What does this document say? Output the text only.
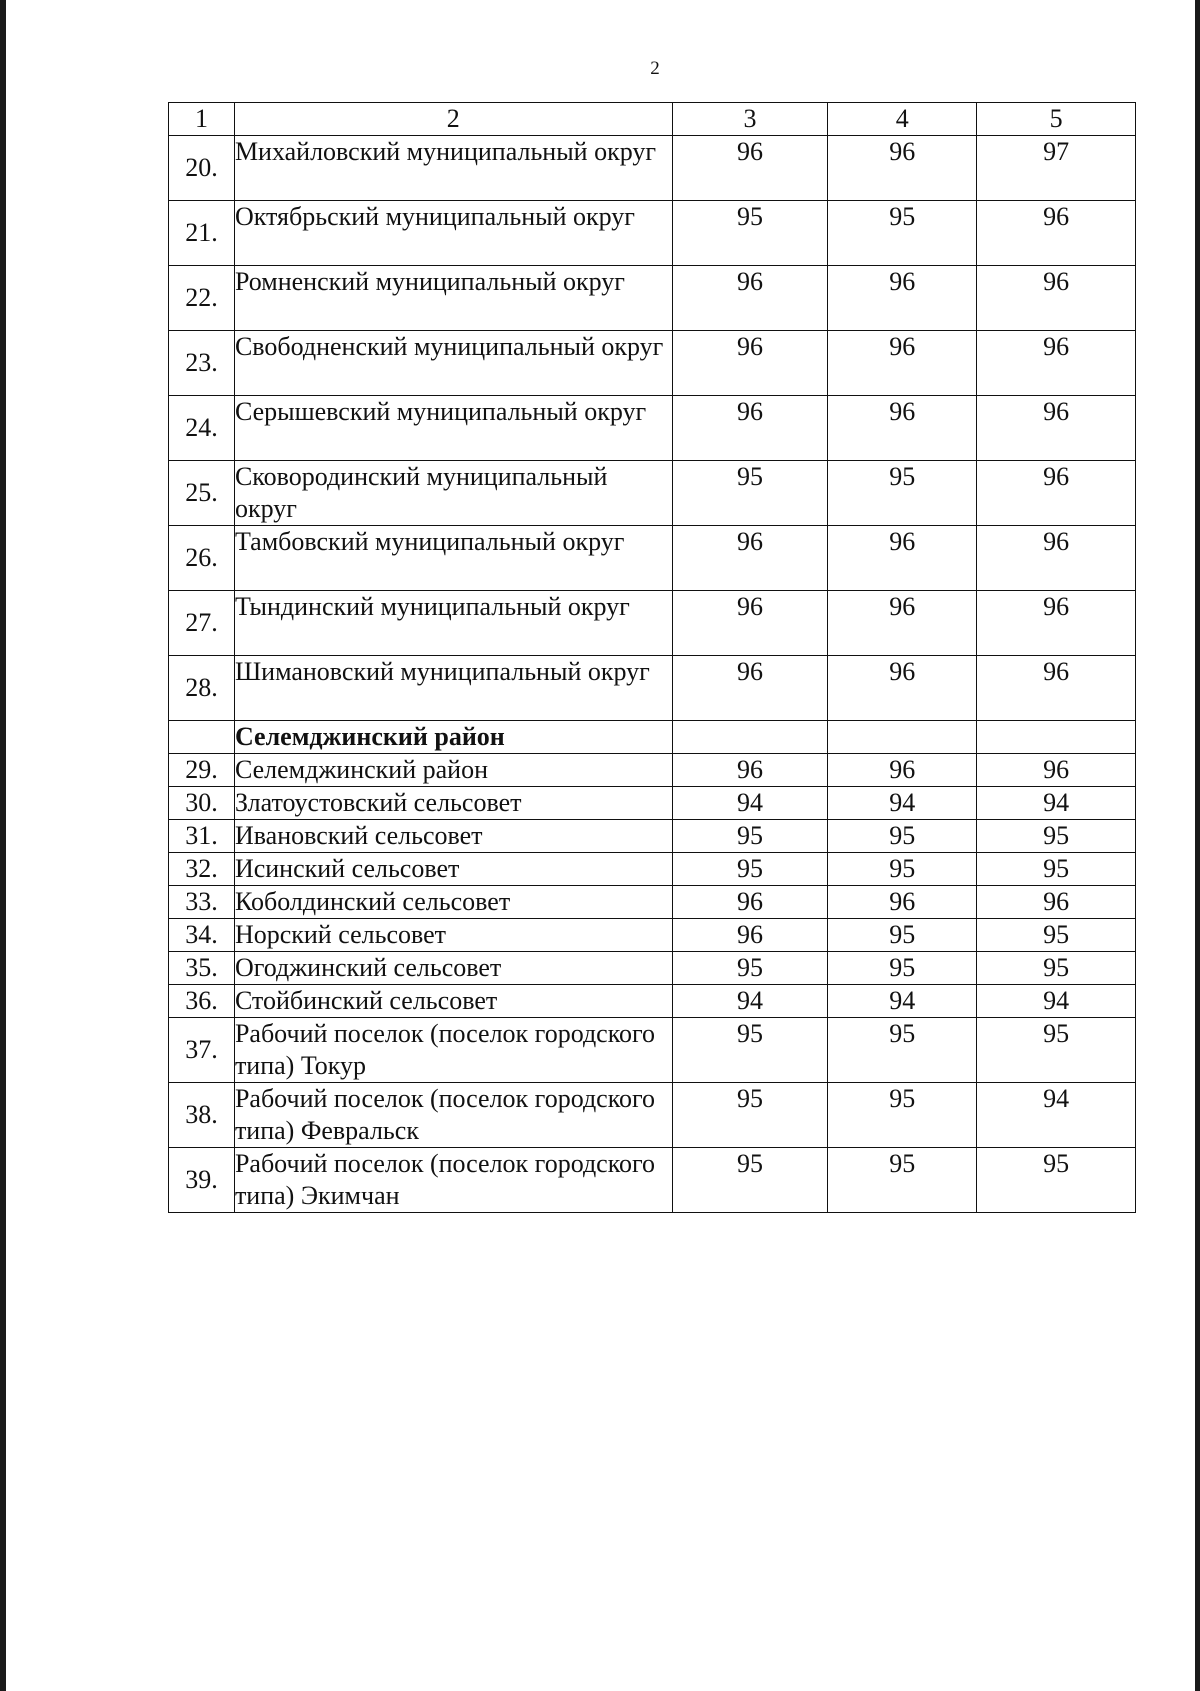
2
1	2	3	4	5
20.	Михайловский муниципальный округ	96	96	97
21.	Октябрьский муниципальный округ	95	95	96
22.	Ромненский муниципальный округ	96	96	96
23.	Свободненский муниципальный округ	96	96	96
24.	Серышевский муниципальный округ	96	96	96
25.	Сковородинский муниципальный округ	95	95	96
26.	Тамбовский муниципальный округ	96	96	96
27.	Тындинский муниципальный округ	96	96	96
28.	Шимановский муниципальный округ	96	96	96
	Селемджинский район			
29.	Селемджинский район	96	96	96
30.	Златоустовский сельсовет	94	94	94
31.	Ивановский сельсовет	95	95	95
32.	Исинский сельсовет	95	95	95
33.	Коболдинский сельсовет	96	96	96
34.	Норский сельсовет	96	95	95
35.	Огоджинский сельсовет	95	95	95
36.	Стойбинский сельсовет	94	94	94
37.	Рабочий поселок (поселок городского типа) Токур	95	95	95
38.	Рабочий поселок (поселок городского типа) Февральск	95	95	94
39.	Рабочий поселок (поселок городского типа) Экимчан	95	95	95
